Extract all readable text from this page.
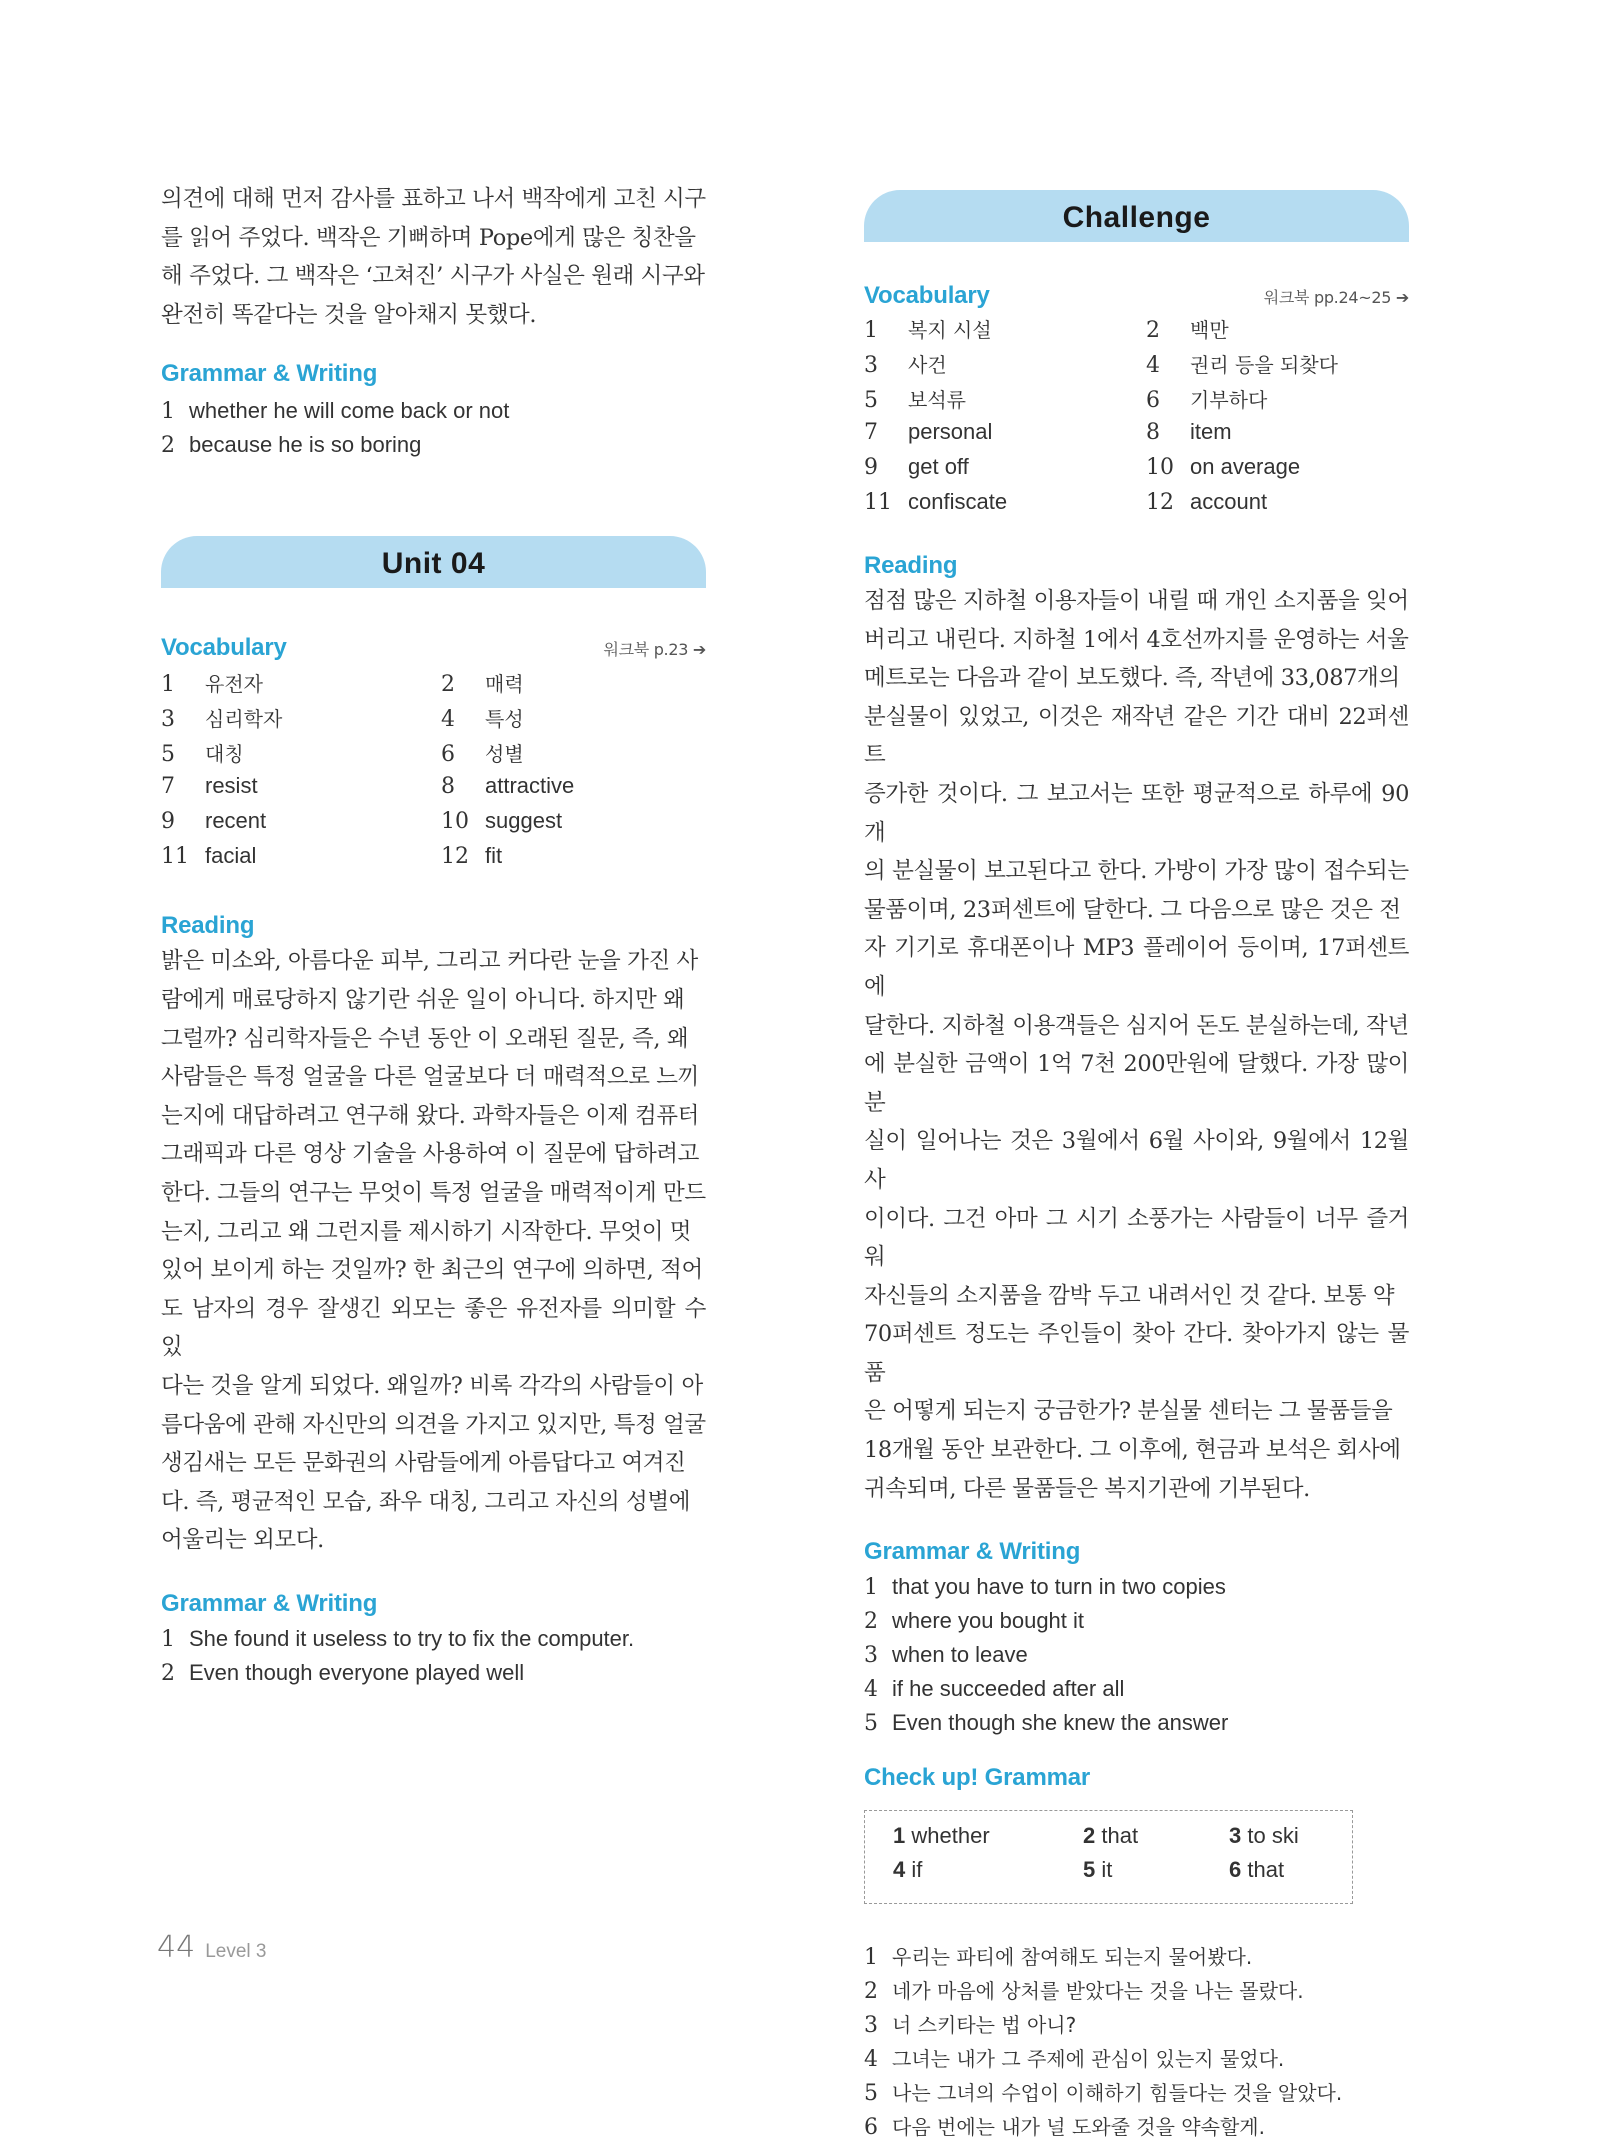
의견에 대해 먼저 감사를 표하고 나서 백작에게 고친 시구
를 읽어 주었다. 백작은 기뻐하며 Pope에게 많은 칭찬을
해 주었다. 그 백작은 ‘고쳐진’ 시구가 사실은 원래 시구와
완전히 똑같다는 것을 알아채지 못했다.
Grammar & Writing
1 whether he will come back or not
2 because he is so boring
Unit 04
Vocabulary	워크북 p.23 ➔
1 유전자	2 매력
3 심리학자	4 특성
5 대칭	6 성별
7 resist	8 attractive
9 recent	10 suggest
11 facial	12 fit
Reading
밝은 미소와, 아름다운 피부, 그리고 커다란 눈을 가진 사
람에게 매료당하지 않기란 쉬운 일이 아니다. 하지만 왜
그럴까? 심리학자들은 수년 동안 이 오래된 질문, 즉, 왜
사람들은 특정 얼굴을 다른 얼굴보다 더 매력적으로 느끼
는지에 대답하려고 연구해 왔다. 과학자들은 이제 컴퓨터
그래픽과 다른 영상 기술을 사용하여 이 질문에 답하려고
한다. 그들의 연구는 무엇이 특정 얼굴을 매력적이게 만드
는지, 그리고 왜 그런지를 제시하기 시작한다. 무엇이 멋
있어 보이게 하는 것일까? 한 최근의 연구에 의하면, 적어
도 남자의 경우 잘생긴 외모는 좋은 유전자를 의미할 수 있
다는 것을 알게 되었다. 왜일까? 비록 각각의 사람들이 아
름다움에 관해 자신만의 의견을 가지고 있지만, 특정 얼굴
생김새는 모든 문화권의 사람들에게 아름답다고 여겨진
다. 즉, 평균적인 모습, 좌우 대칭, 그리고 자신의 성별에
어울리는 외모다.
Grammar & Writing
1 She found it useless to try to fix the computer.
2 Even though everyone played well
Challenge
Vocabulary	워크북 pp.24~25 ➔
1 복지 시설	2 백만
3 사건	4 권리 등을 되찾다
5 보석류	6 기부하다
7 personal	8 item
9 get off	10 on average
11 confiscate	12 account
Reading
점점 많은 지하철 이용자들이 내릴 때 개인 소지품을 잊어
버리고 내린다. 지하철 1에서 4호선까지를 운영하는 서울
메트로는 다음과 같이 보도했다. 즉, 작년에 33,087개의
분실물이 있었고, 이것은 재작년 같은 기간 대비 22퍼센트
증가한 것이다. 그 보고서는 또한 평균적으로 하루에 90개
의 분실물이 보고된다고 한다. 가방이 가장 많이 접수되는
물품이며, 23퍼센트에 달한다. 그 다음으로 많은 것은 전
자 기기로 휴대폰이나 MP3 플레이어 등이며, 17퍼센트에
달한다. 지하철 이용객들은 심지어 돈도 분실하는데, 작년
에 분실한 금액이 1억 7천 200만원에 달했다. 가장 많이 분
실이 일어나는 것은 3월에서 6월 사이와, 9월에서 12월 사
이이다. 그건 아마 그 시기 소풍가는 사람들이 너무 즐거워
자신들의 소지품을 깜박 두고 내려서인 것 같다. 보통 약
70퍼센트 정도는 주인들이 찾아 간다. 찾아가지 않는 물품
은 어떻게 되는지 궁금한가? 분실물 센터는 그 물품들을
18개월 동안 보관한다. 그 이후에, 현금과 보석은 회사에
귀속되며, 다른 물품들은 복지기관에 기부된다.
Grammar & Writing
1 that you have to turn in two copies
2 where you bought it
3 when to leave
4 if he succeeded after all
5 Even though she knew the answer
Check up! Grammar
1 whether	2 that	3 to ski
4 if	5 it	6 that
1 우리는 파티에 참여해도 되는지 물어봤다.
2 네가 마음에 상처를 받았다는 것을 나는 몰랐다.
3 너 스키타는 법 아니?
4 그녀는 내가 그 주제에 관심이 있는지 물었다.
5 나는 그녀의 수업이 이해하기 힘들다는 것을 알았다.
6 다음 번에는 내가 널 도와줄 것을 약속할게.
44 Level 3
